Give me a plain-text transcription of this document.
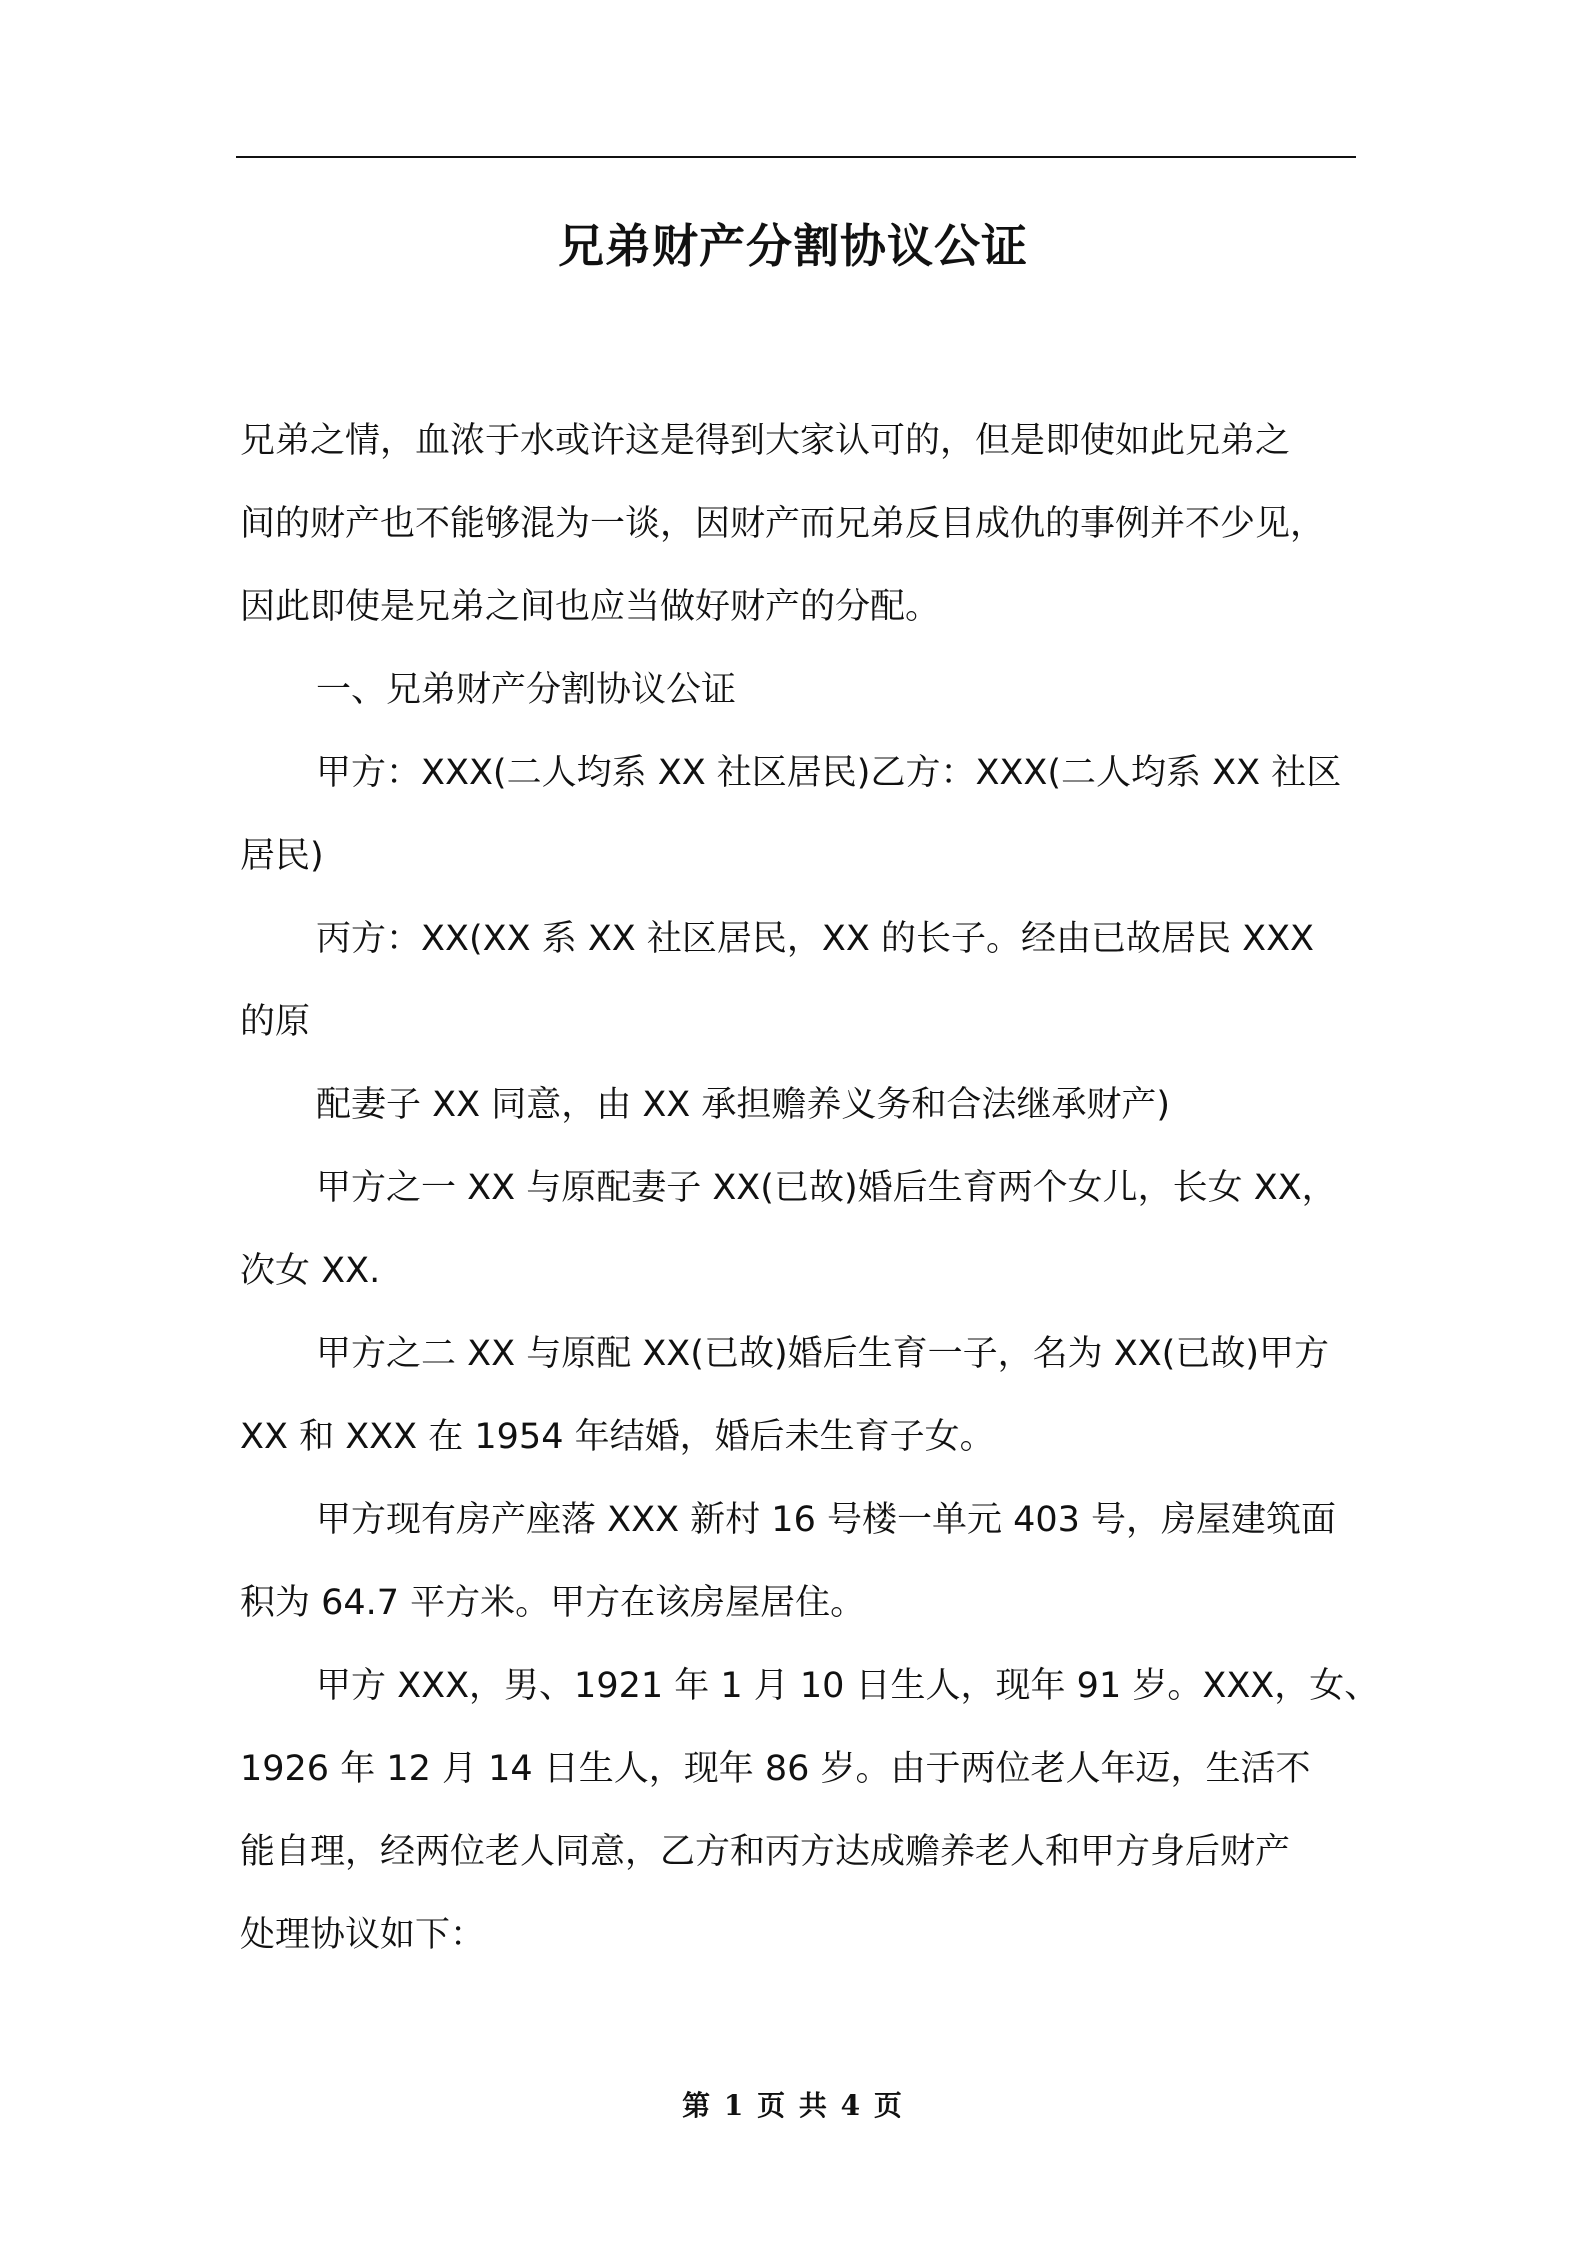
兄弟财产分割协议公证
兄弟之情，血浓于水或许这是得到大家认可的，但是即使如此兄弟之
间的财产也不能够混为一谈，因财产而兄弟反目成仇的事例并不少见，
因此即使是兄弟之间也应当做好财产的分配。
一、兄弟财产分割协议公证
甲方：XXX(二人均系 XX 社区居民)乙方：XXX(二人均系 XX 社区
居民)
丙方：XX(XX 系 XX 社区居民，XX 的长子。经由已故居民 XXX
的原
配妻子 XX 同意，由 XX 承担赡养义务和合法继承财产)
甲方之一 XX 与原配妻子 XX(已故)婚后生育两个女儿，长女 XX，
次女 XX.
甲方之二 XX 与原配 XX(已故)婚后生育一子，名为 XX(已故)甲方
XX 和 XXX 在 1954 年结婚，婚后未生育子女。
甲方现有房产座落 XXX 新村 16 号楼一单元 403 号，房屋建筑面
积为 64.7 平方米。甲方在该房屋居住。
甲方 XXX，男、1921 年 1 月 10 日生人，现年 91 岁。XXX，女、
1926 年 12 月 14 日生人，现年 86 岁。由于两位老人年迈，生活不
能自理，经两位老人同意，乙方和丙方达成赡养老人和甲方身后财产
处理协议如下：
第 1 页 共 4 页
